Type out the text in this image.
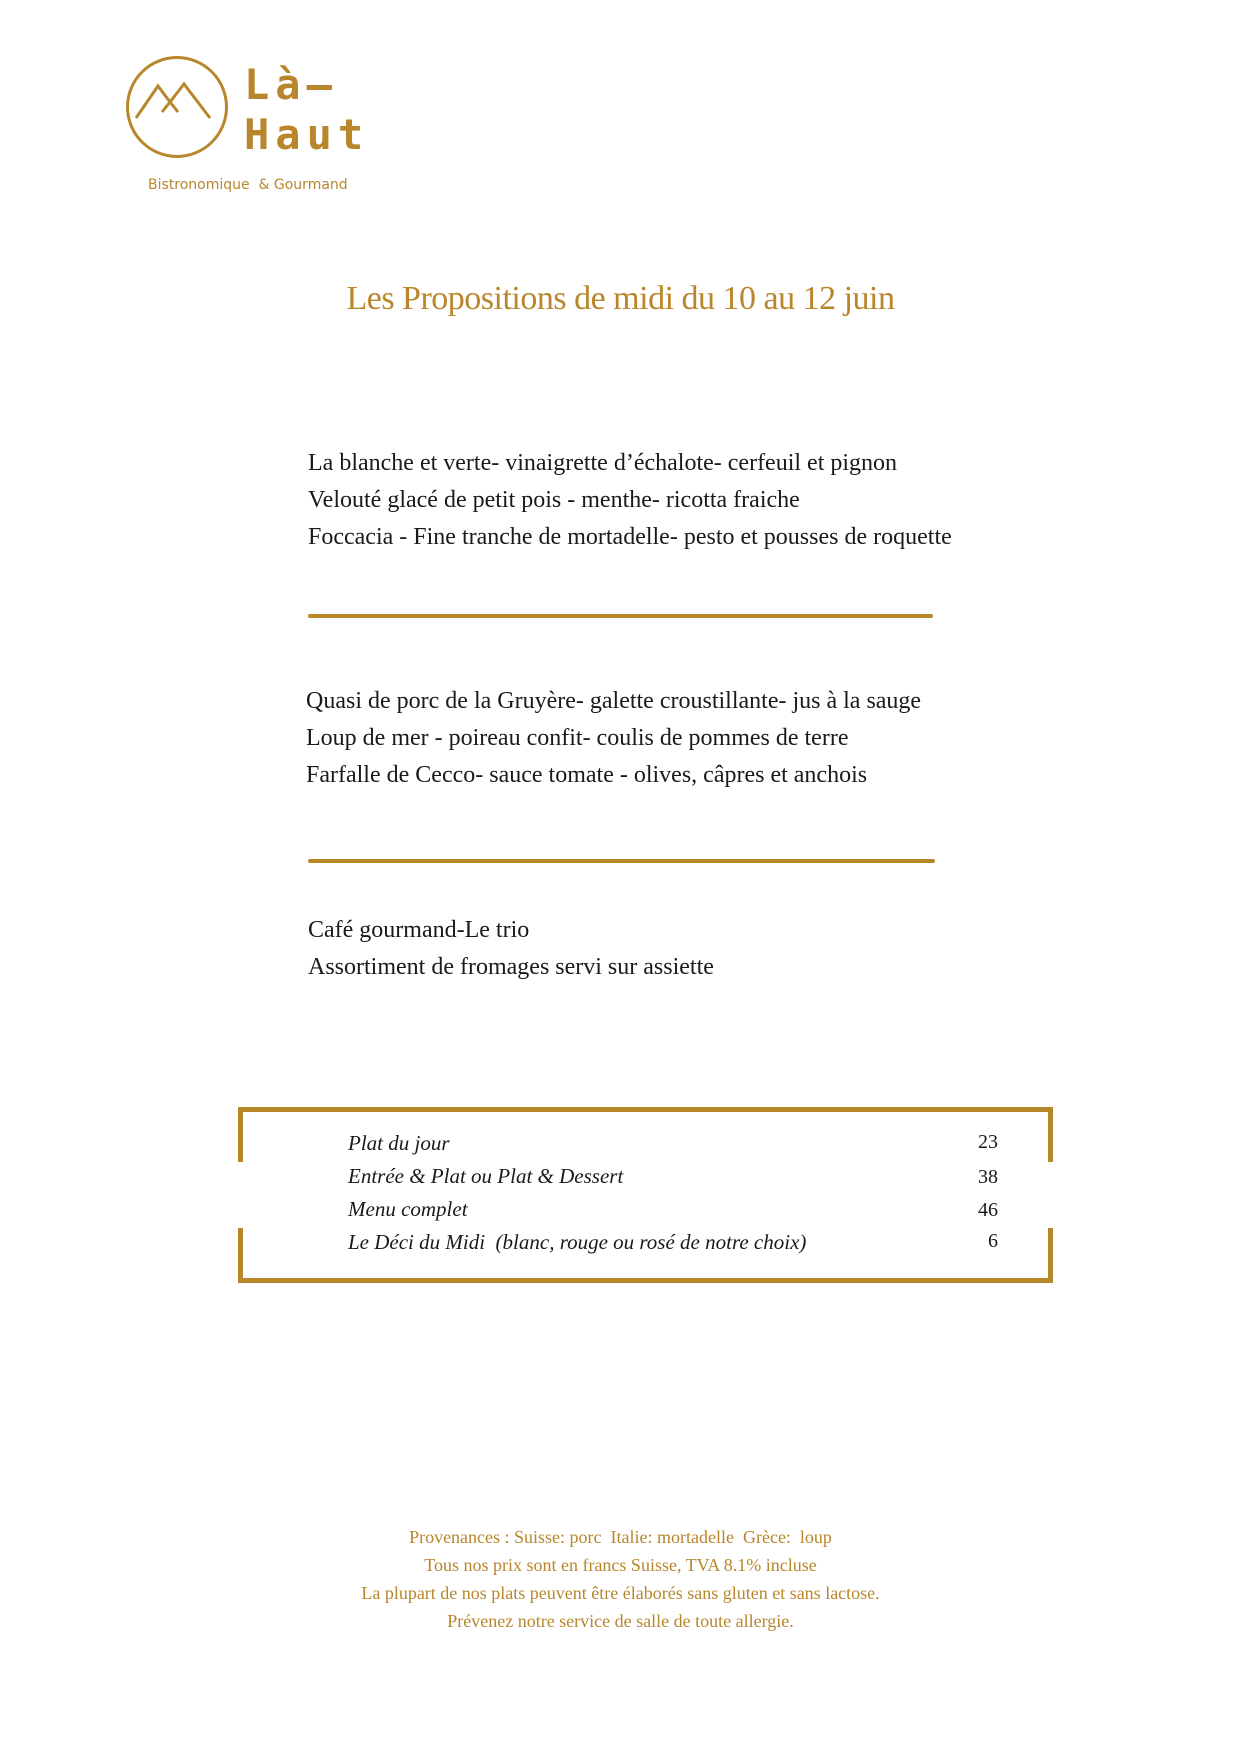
Là—
Haut
Bistronomique  & Gourmand
Les Propositions de midi du 10 au 12 juin
La blanche et verte- vinaigrette d’échalote- cerfeuil et pignon
Velouté glacé de petit pois - menthe- ricotta fraiche
Foccacia - Fine tranche de mortadelle- pesto et pousses de roquette
Quasi de porc de la Gruyère- galette croustillante- jus à la sauge
Loup de mer - poireau confit- coulis de pommes de terre
Farfalle de Cecco- sauce tomate - olives, câpres et anchois
Café gourmand-Le trio
Assortiment de fromages servi sur assiette
Plat du jour	23
Entrée & Plat ou Plat & Dessert	38
Menu complet	46
Le Déci du Midi  (blanc, rouge ou rosé de notre choix)	6
Provenances : Suisse: porc  Italie: mortadelle  Grèce:  loup
Tous nos prix sont en francs Suisse, TVA 8.1% incluse
La plupart de nos plats peuvent être élaborés sans gluten et sans lactose.
Prévenez notre service de salle de toute allergie.
